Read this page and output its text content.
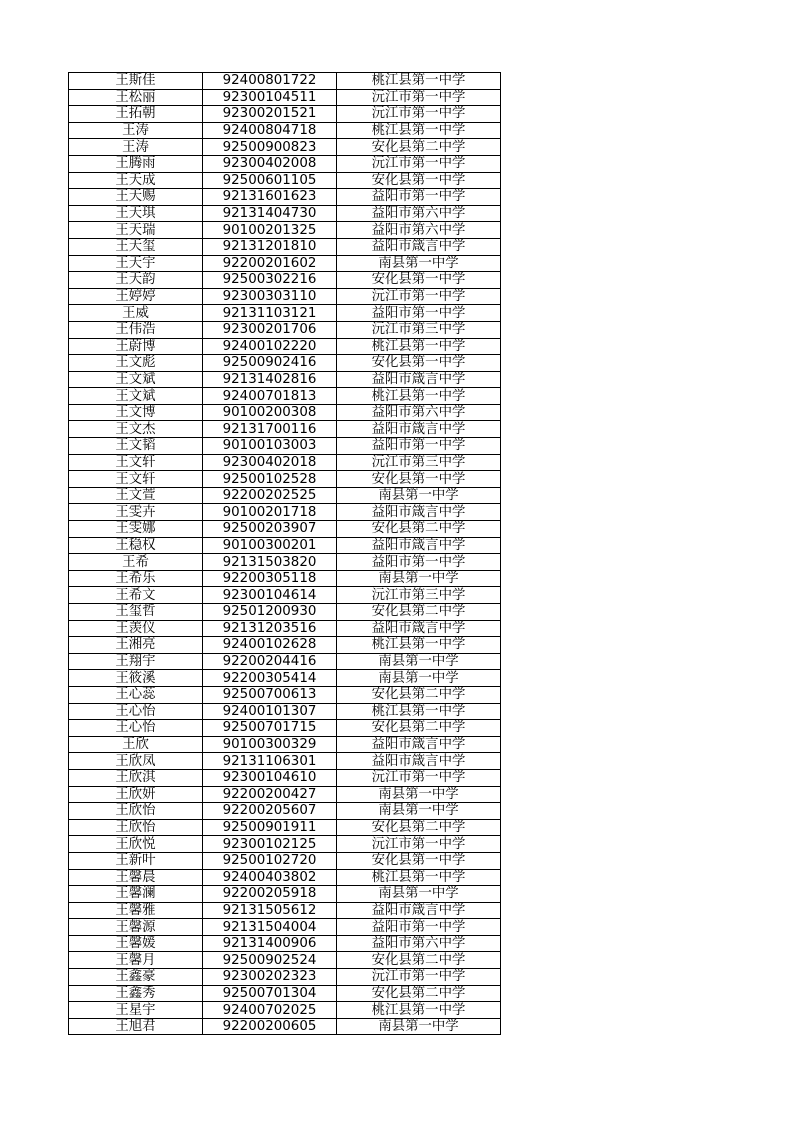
王斯佳	92400801722	桃江县第一中学
王松丽	92300104511	沅江市第一中学
王拓朝	92300201521	沅江市第一中学
王涛	92400804718	桃江县第一中学
王涛	92500900823	安化县第二中学
王腾雨	92300402008	沅江市第一中学
王天成	92500601105	安化县第一中学
王天赐	92131601623	益阳市第一中学
王天琪	92131404730	益阳市第六中学
王天瑞	90100201325	益阳市第六中学
王天玺	92131201810	益阳市箴言中学
王天宇	92200201602	南县第一中学
王天韵	92500302216	安化县第一中学
王婷婷	92300303110	沅江市第一中学
王威	92131103121	益阳市第一中学
王伟浩	92300201706	沅江市第三中学
王蔚博	92400102220	桃江县第一中学
王文彪	92500902416	安化县第一中学
王文斌	92131402816	益阳市箴言中学
王文斌	92400701813	桃江县第一中学
王文博	90100200308	益阳市第六中学
王文杰	92131700116	益阳市箴言中学
王文韬	90100103003	益阳市第一中学
王文轩	92300402018	沅江市第三中学
王文轩	92500102528	安化县第一中学
王文萱	92200202525	南县第一中学
王雯卉	90100201718	益阳市箴言中学
王雯娜	92500203907	安化县第二中学
王稳权	90100300201	益阳市箴言中学
王希	92131503820	益阳市第一中学
王希乐	92200305118	南县第一中学
王希文	92300104614	沅江市第三中学
王玺哲	92501200930	安化县第二中学
王羡仪	92131203516	益阳市箴言中学
王湘亮	92400102628	桃江县第一中学
王翔宇	92200204416	南县第一中学
王筱溪	92200305414	南县第一中学
王心蕊	92500700613	安化县第二中学
王心怡	92400101307	桃江县第一中学
王心怡	92500701715	安化县第二中学
王欣	90100300329	益阳市箴言中学
王欣凤	92131106301	益阳市箴言中学
王欣淇	92300104610	沅江市第一中学
王欣妍	92200200427	南县第一中学
王欣怡	92200205607	南县第一中学
王欣怡	92500901911	安化县第二中学
王欣悦	92300102125	沅江市第一中学
王新叶	92500102720	安化县第一中学
王馨晨	92400403802	桃江县第一中学
王馨澜	92200205918	南县第一中学
王馨雅	92131505612	益阳市箴言中学
王馨源	92131504004	益阳市第一中学
王馨媛	92131400906	益阳市第六中学
王馨月	92500902524	安化县第二中学
王鑫豪	92300202323	沅江市第一中学
王鑫秀	92500701304	安化县第二中学
王星宇	92400702025	桃江县第一中学
王旭君	92200200605	南县第一中学
